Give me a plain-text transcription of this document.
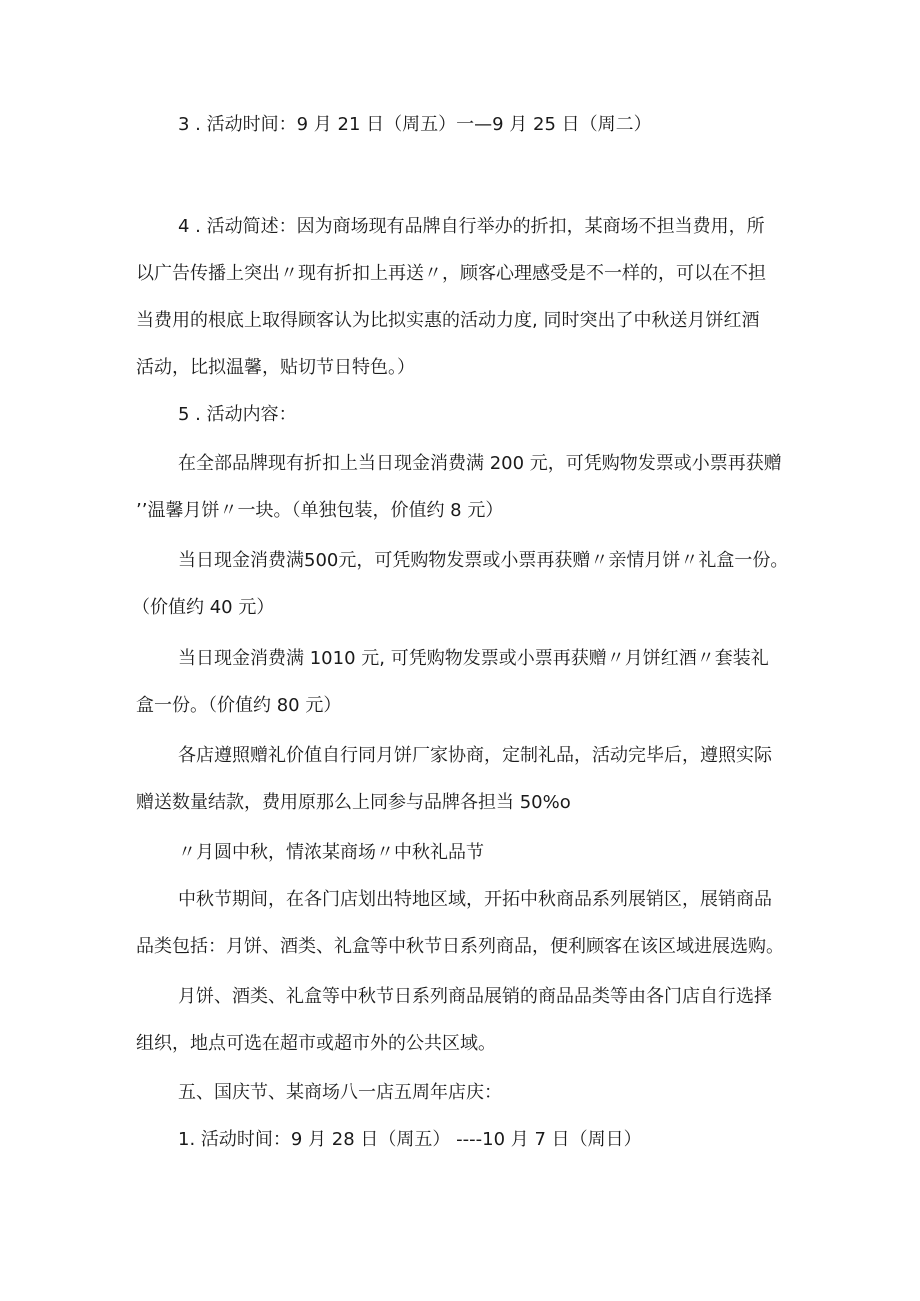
3 . 活动时间：9 月 21 日（周五）一—9 月 25 日（周二）

4 . 活动简述：因为商场现有品牌自行举办的折扣，某商场不担当费用，所

以广告传播上突出〃现有折扣上再送〃，顾客心理感受是不一样的，可以在不担

当费用的根底上取得顾客认为比拟实惠的活动力度, 同时突出了中秋送月饼红酒

活动，比拟温馨，贴切节日特色。）

5 . 活动内容：

在全部品牌现有折扣上当日现金消费满 200 元，可凭购物发票或小票再获赠

’’温馨月饼〃一块。（单独包装，价值约 8 元）

当日现金消费满500元，可凭购物发票或小票再获赠〃亲情月饼〃礼盒一份。

（价值约 40 元）

当日现金消费满 1010 元, 可凭购物发票或小票再获赠〃月饼红酒〃套装礼

盒一份。（价值约 80 元）

各店遵照赠礼价值自行同月饼厂家协商，定制礼品，活动完毕后，遵照实际

赠送数量结款，费用原那么上同参与品牌各担当 50%o

〃月圆中秋，情浓某商场〃中秋礼品节

中秋节期间，在各门店划出特地区域，开拓中秋商品系列展销区，展销商品

品类包括：月饼、酒类、礼盒等中秋节日系列商品，便利顾客在该区域进展选购。

月饼、酒类、礼盒等中秋节日系列商品展销的商品品类等由各门店自行选择

组织，地点可选在超市或超市外的公共区域。

五、国庆节、某商场八一店五周年店庆：

1. 活动时间：9 月 28 日（周五） ----10 月 7 日（周日）
